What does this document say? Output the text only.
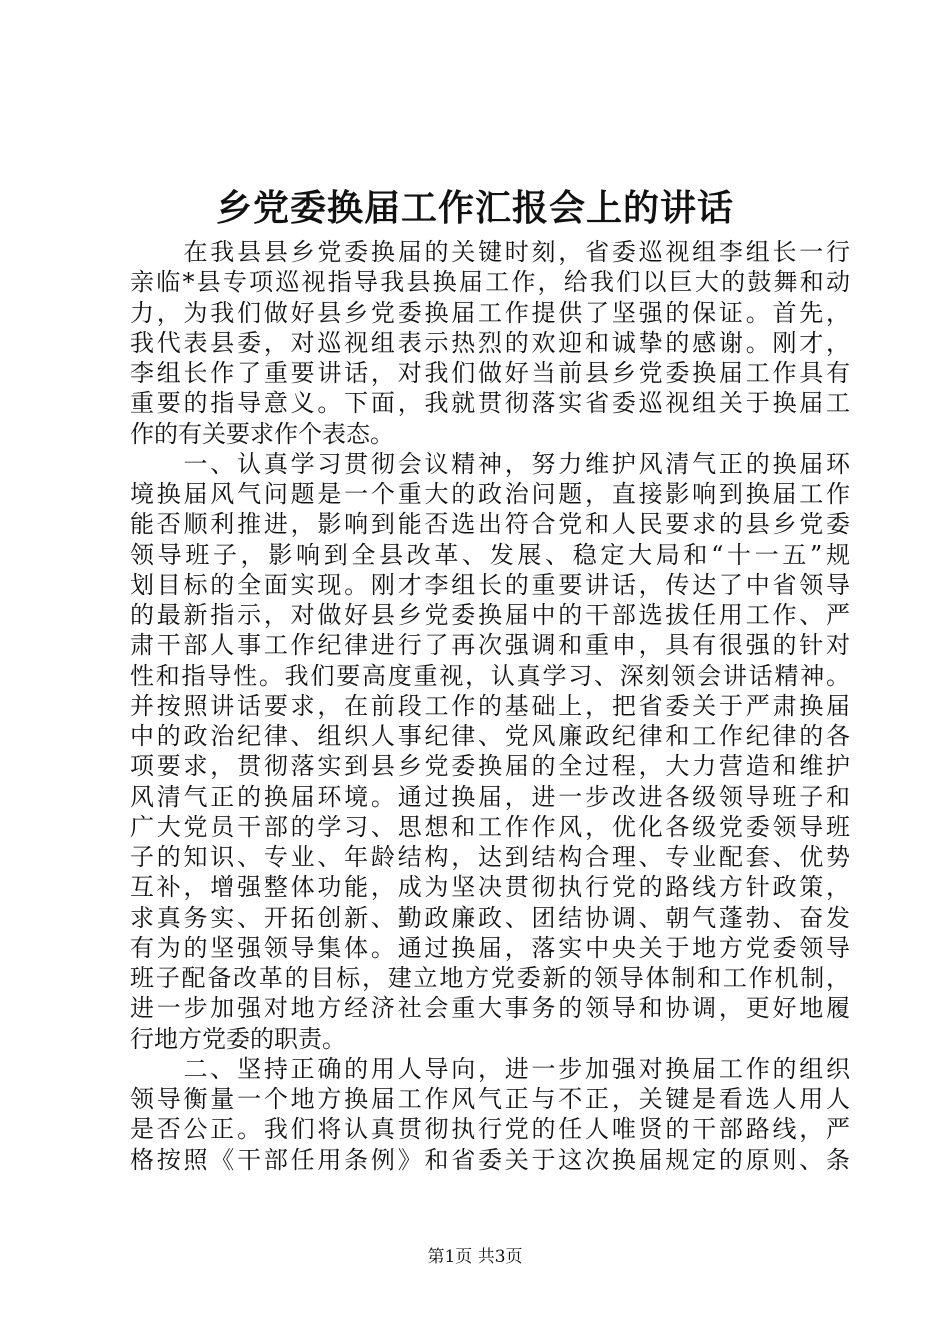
乡党委换届工作汇报会上的讲话
　　在我县县乡党委换届的关键时刻，省委巡视组李组长一行
亲临*县专项巡视指导我县换届工作，给我们以巨大的鼓舞和动
力，为我们做好县乡党委换届工作提供了坚强的保证。首先，
我代表县委，对巡视组表示热烈的欢迎和诚挚的感谢。刚才，
李组长作了重要讲话，对我们做好当前县乡党委换届工作具有
重要的指导意义。下面，我就贯彻落实省委巡视组关于换届工
作的有关要求作个表态。
　　一、认真学习贯彻会议精神，努力维护风清气正的换届环
境换届风气问题是一个重大的政治问题，直接影响到换届工作
能否顺利推进，影响到能否选出符合党和人民要求的县乡党委
领导班子，影响到全县改革、发展、稳定大局和“十一五”规
划目标的全面实现。刚才李组长的重要讲话，传达了中省领导
的最新指示，对做好县乡党委换届中的干部选拔任用工作、严
肃干部人事工作纪律进行了再次强调和重申，具有很强的针对
性和指导性。我们要高度重视，认真学习、深刻领会讲话精神。
并按照讲话要求，在前段工作的基础上，把省委关于严肃换届
中的政治纪律、组织人事纪律、党风廉政纪律和工作纪律的各
项要求，贯彻落实到县乡党委换届的全过程，大力营造和维护
风清气正的换届环境。通过换届，进一步改进各级领导班子和
广大党员干部的学习、思想和工作作风，优化各级党委领导班
子的知识、专业、年龄结构，达到结构合理、专业配套、优势
互补，增强整体功能，成为坚决贯彻执行党的路线方针政策，
求真务实、开拓创新、勤政廉政、团结协调、朝气蓬勃、奋发
有为的坚强领导集体。通过换届，落实中央关于地方党委领导
班子配备改革的目标，建立地方党委新的领导体制和工作机制，
进一步加强对地方经济社会重大事务的领导和协调，更好地履
行地方党委的职责。
　　二、坚持正确的用人导向，进一步加强对换届工作的组织
领导衡量一个地方换届工作风气正与不正，关键是看选人用人
是否公正。我们将认真贯彻执行党的任人唯贤的干部路线，严
格按照《干部任用条例》和省委关于这次换届规定的原则、条
第1页 共3页
